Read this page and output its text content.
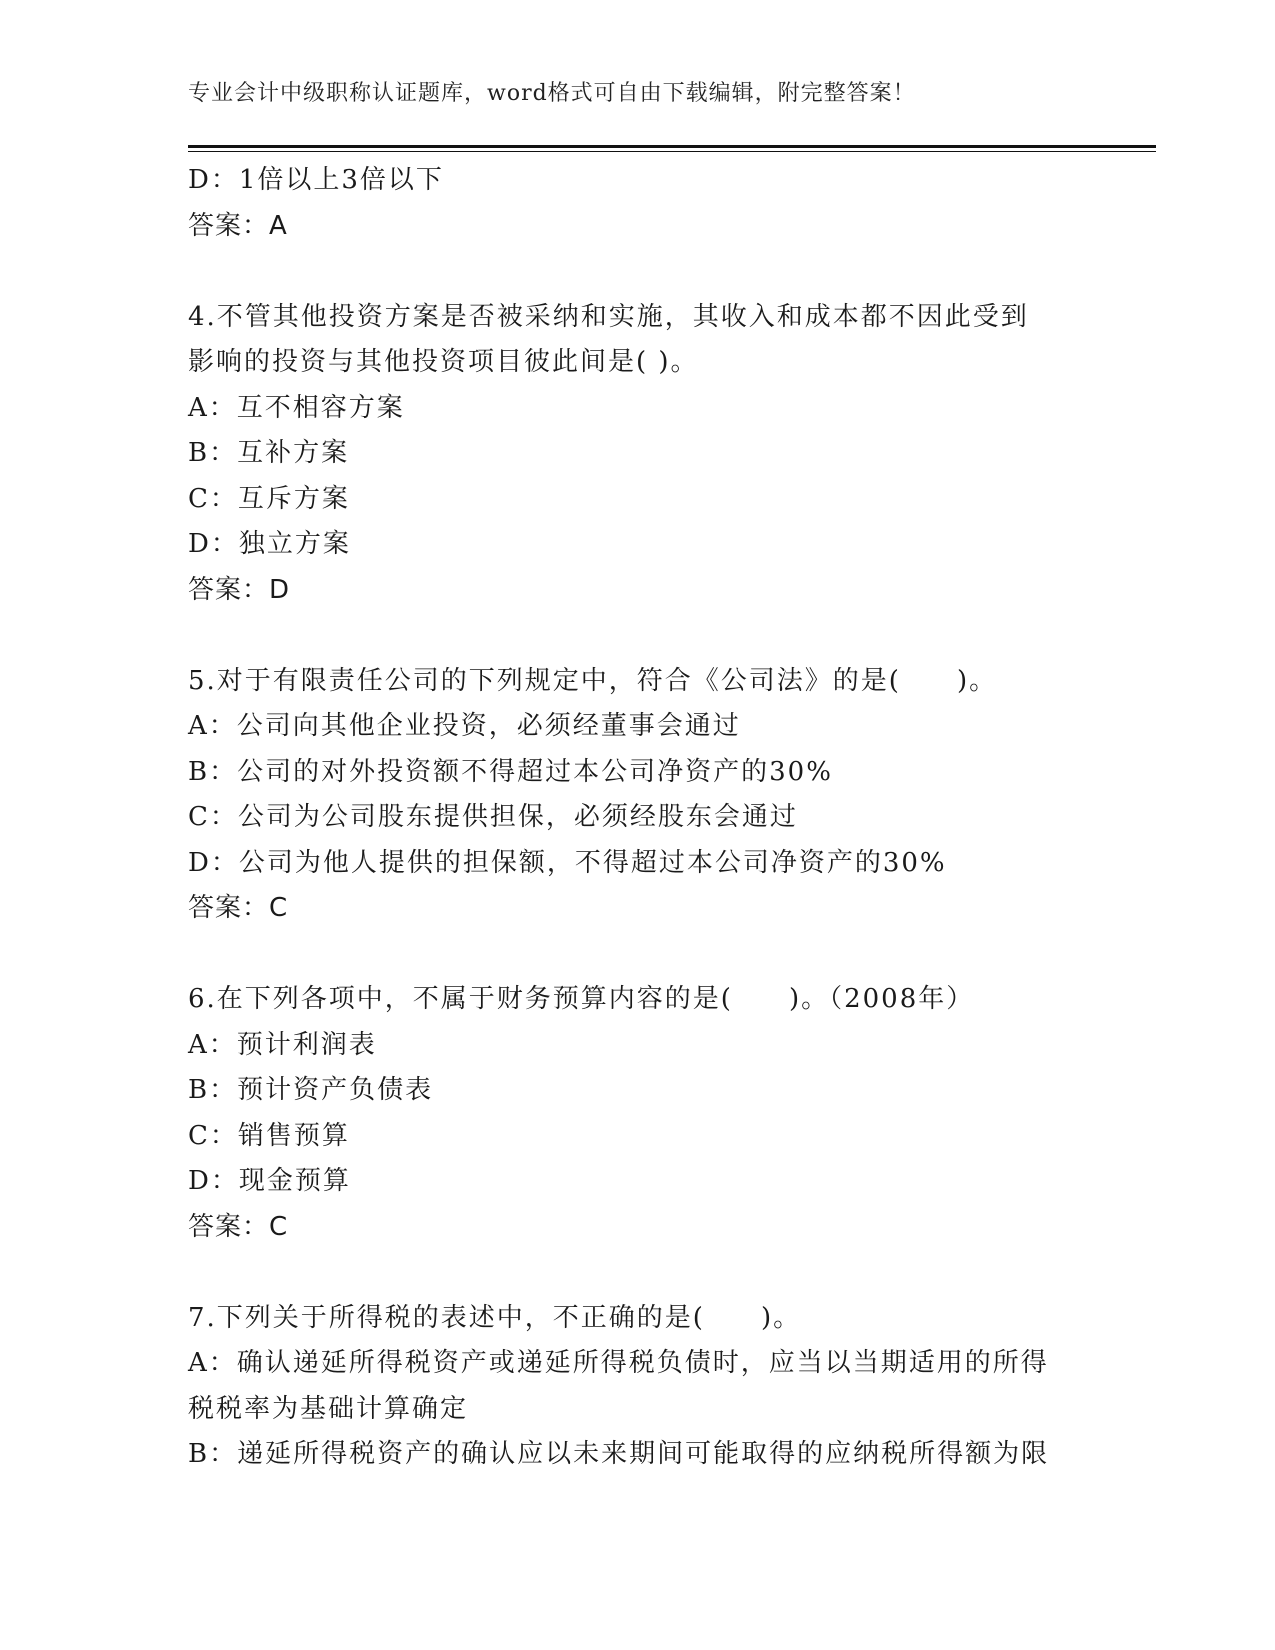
专业会计中级职称认证题库，word格式可自由下载编辑，附完整答案！
D：1倍以上3倍以下
答案：A
4.不管其他投资方案是否被采纳和实施，其收入和成本都不因此受到
影响的投资与其他投资项目彼此间是( )。
A：互不相容方案
B：互补方案
C：互斥方案
D：独立方案
答案：D
5.对于有限责任公司的下列规定中，符合《公司法》的是(　　)。
A：公司向其他企业投资，必须经董事会通过
B：公司的对外投资额不得超过本公司净资产的30%
C：公司为公司股东提供担保，必须经股东会通过
D：公司为他人提供的担保额，不得超过本公司净资产的30%
答案：C
6.在下列各项中，不属于财务预算内容的是(　　)。（2008年）
A：预计利润表
B：预计资产负债表
C：销售预算
D：现金预算
答案：C
7.下列关于所得税的表述中，不正确的是(　　)。
A：确认递延所得税资产或递延所得税负债时，应当以当期适用的所得
税税率为基础计算确定
B：递延所得税资产的确认应以未来期间可能取得的应纳税所得额为限
